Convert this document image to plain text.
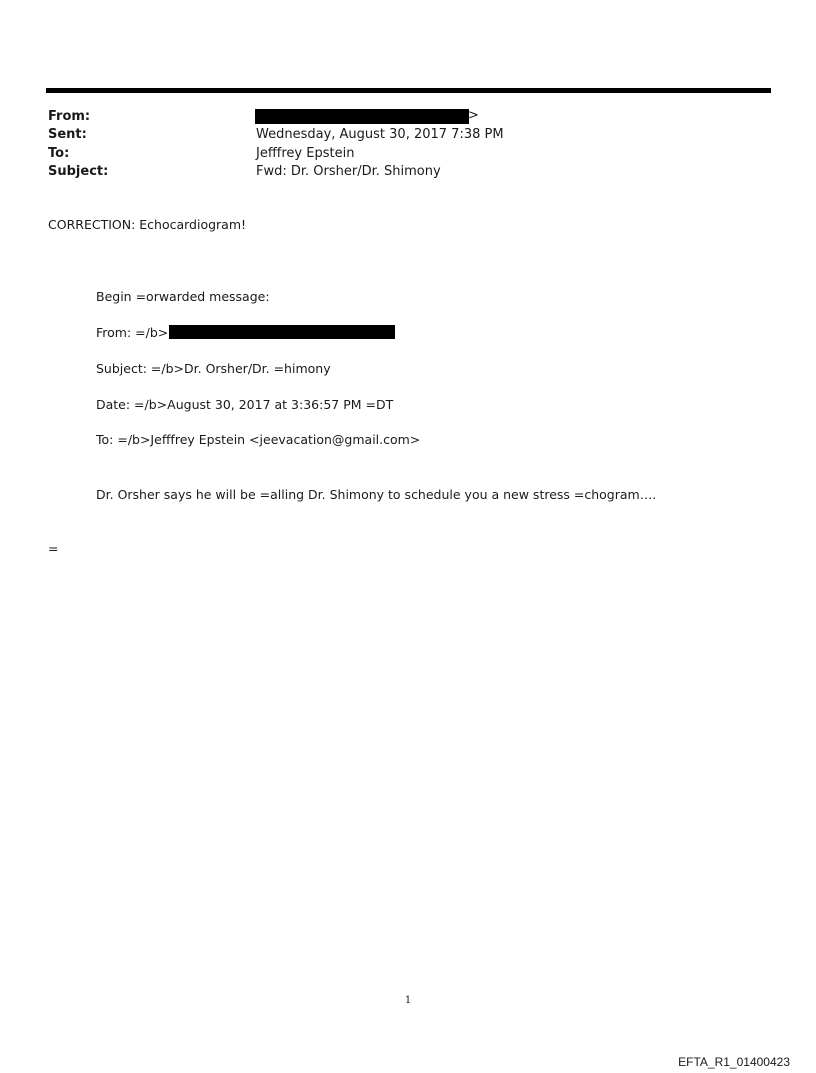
From:	>
Sent:	Wednesday, August 30, 2017 7:38 PM
To:	Jefffrey Epstein
Subject:	Fwd: Dr. Orsher/Dr. Shimony
CORRECTION: Echocardiogram!
Begin =orwarded message:
From: =/b>
Subject: =/b>Dr. Orsher/Dr. =himony
Date: =/b>August 30, 2017 at 3:36:57 PM =DT
To: =/b>Jefffrey Epstein <jeevacation@gmail.com>
Dr. Orsher says he will be =alling Dr. Shimony to schedule you a new stress =chogram….
=
1
EFTA_R1_01400423
